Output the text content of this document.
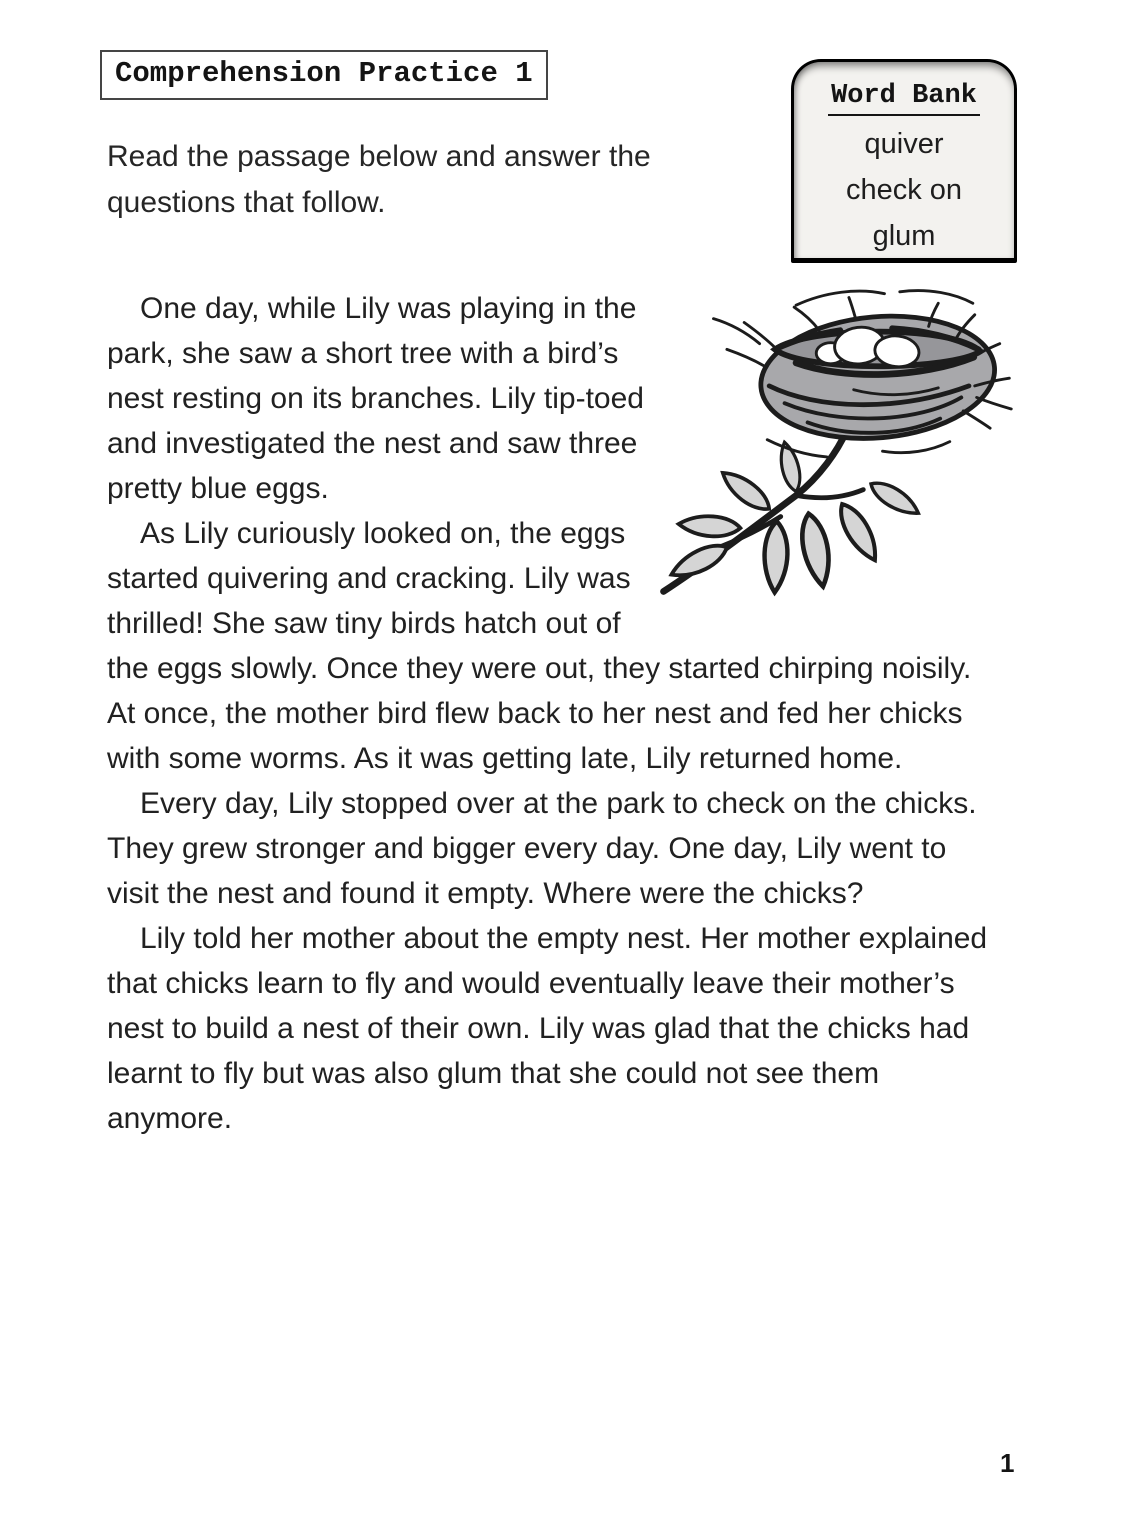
Comprehension Practice 1
Read the passage below and answer the questions that follow.
Word Bank
quiver
check on
glum

One day, while Lily was playing in the park, she saw a short tree with a bird’s nest resting on its branches. Lily tip-toed and investigated the nest and saw three pretty blue eggs.

As Lily curiously looked on, the eggs started quivering and cracking. Lily was thrilled! She saw tiny birds hatch out of the eggs slowly. Once they were out, they started chirping noisily. At once, the mother bird flew back to her nest and fed her chicks with some worms. As it was getting late, Lily returned home.

Every day, Lily stopped over at the park to check on the chicks. They grew stronger and bigger every day. One day, Lily went to visit the nest and found it empty. Where were the chicks?

Lily told her mother about the empty nest. Her mother explained that chicks learn to fly and would eventually leave their mother’s nest to build a nest of their own. Lily was glad that the chicks had learnt to fly but was also glum that she could not see them anymore.

1
